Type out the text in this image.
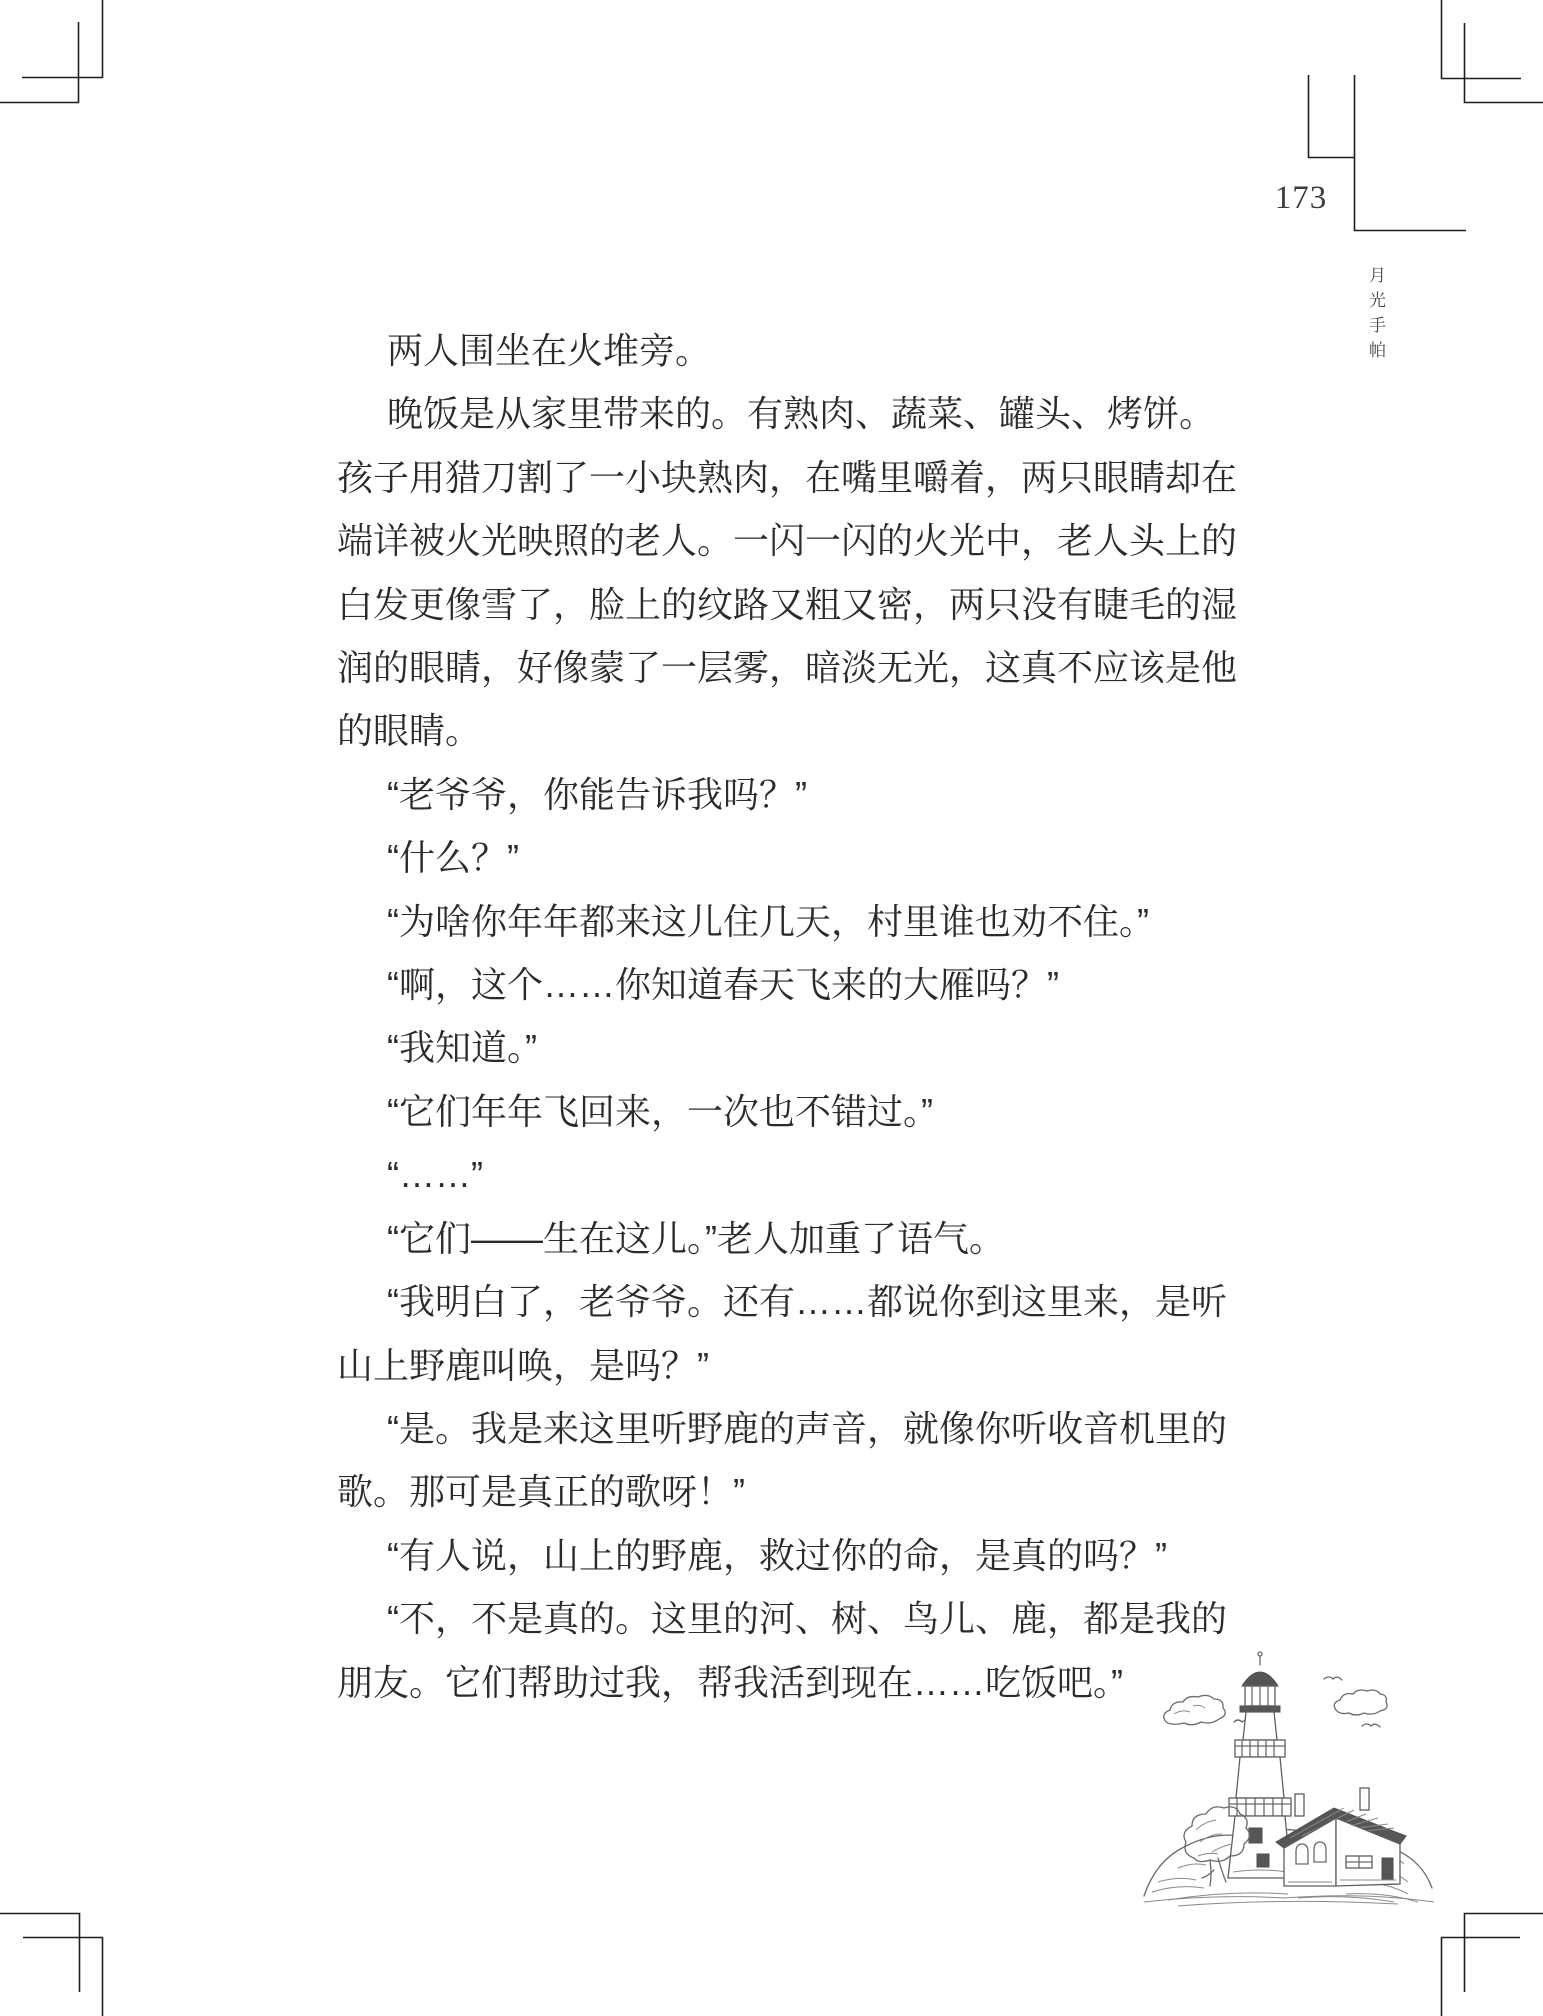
173
月光手帕
两人围坐在火堆旁。
晚饭是从家里带来的。有熟肉、蔬菜、罐头、烤饼。
孩子用猎刀割了一小块熟肉，在嘴里嚼着，两只眼睛却在
端详被火光映照的老人。一闪一闪的火光中，老人头上的
白发更像雪了，脸上的纹路又粗又密，两只没有睫毛的湿
润的眼睛，好像蒙了一层雾，暗淡无光，这真不应该是他
的眼睛。
“老爷爷，你能告诉我吗？”
“什么？”
“为啥你年年都来这儿住几天，村里谁也劝不住。”
“啊，这个……你知道春天飞来的大雁吗？”
“我知道。”
“它们年年飞回来，一次也不错过。”
“……”
“它们——生在这儿。”老人加重了语气。
“我明白了，老爷爷。还有……都说你到这里来，是听
山上野鹿叫唤，是吗？”
“是。我是来这里听野鹿的声音，就像你听收音机里的
歌。那可是真正的歌呀！”
“有人说，山上的野鹿，救过你的命，是真的吗？”
“不，不是真的。这里的河、树、鸟儿、鹿，都是我的
朋友。它们帮助过我，帮我活到现在……吃饭吧。”
